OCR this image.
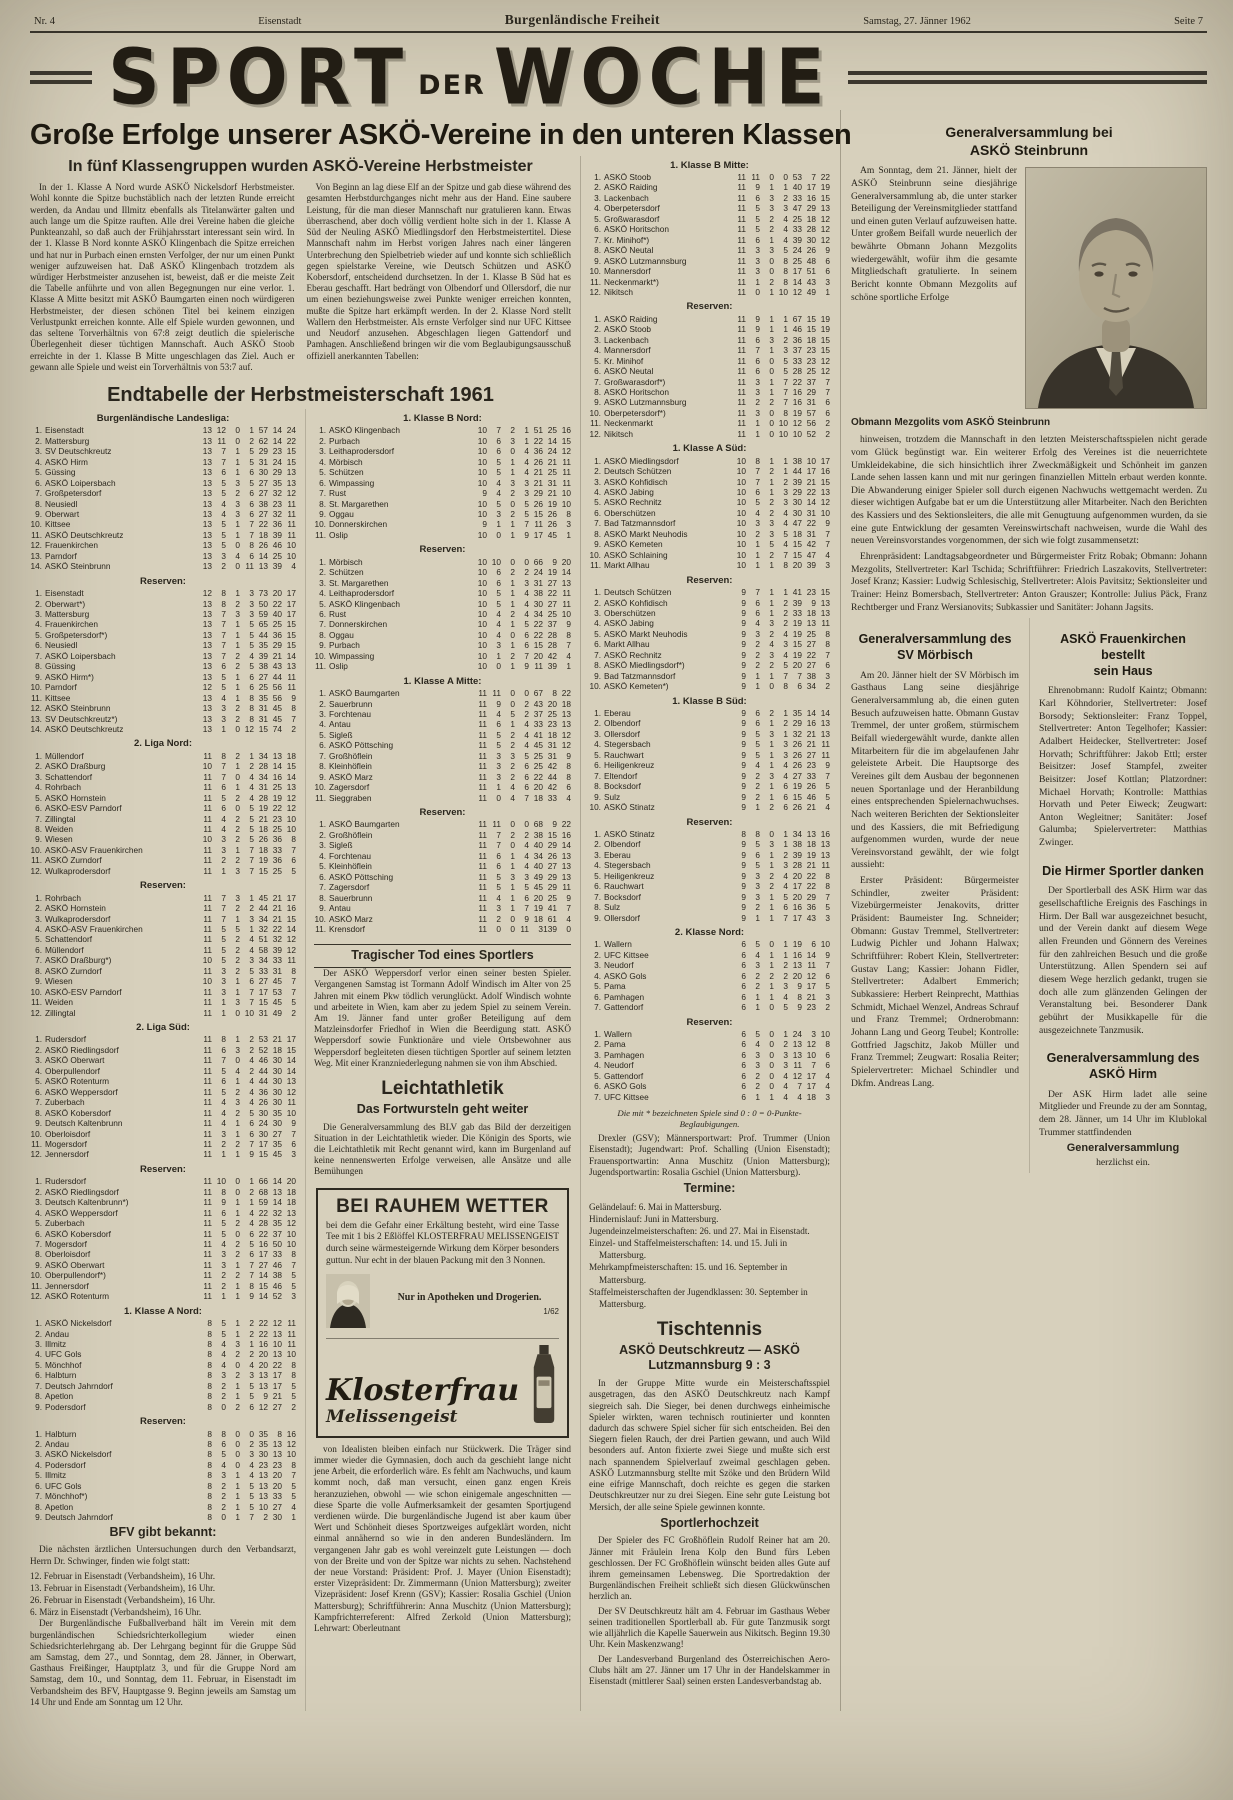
Nr. 4	Eisenstadt	Burgenländische Freiheit	Samstag, 27. Jänner 1962	Seite 7
SPORT DER WOCHE
Große Erfolge unserer ASKÖ-Vereine in den unteren Klassen
In fünf Klassengruppen wurden ASKÖ-Vereine Herbstmeister

In der 1. Klasse A Nord wurde ASKÖ Nickelsdorf Herbstmeister. Wohl konnte die Spitze buchstäblich nach der letzten Runde erreicht werden, da Andau und Illmitz ebenfalls als Titelanwärter galten und auch lange um die Spitze rauften. Alle drei Vereine haben die gleiche Punkteanzahl, so daß auch der Frühjahrsstart interessant sein wird. In der 1. Klasse B Nord konnte ASKÖ Klingenbach die Spitze erreichen und hat nur in Purbach einen ernsten Verfolger, der nur um einen Punkt weniger aufzuweisen hat. Daß ASKÖ Klingenbach trotzdem als würdiger Herbstmeister anzusehen ist, beweist, daß er die meiste Zeit die Tabelle anführte und von allen Begegnungen nur eine verlor. 1. Klasse A Mitte besitzt mit ASKÖ Baumgarten einen noch würdigeren Herbstmeister, der diesen schönen Titel bei keinem einzigen Verlustpunkt erreichen konnte. Alle elf Spiele wurden gewonnen, und das seltene Torverhältnis von 67:8 zeigt deutlich die spielerische Überlegenheit dieser tüchtigen Mannschaft. Auch ASKÖ Stoob erreichte in der 1. Klasse B Mitte ungeschlagen das Ziel. Auch er gewann alle Spiele und weist ein Torverhältnis von 53:7 auf.

Von Beginn an lag diese Elf an der Spitze und gab diese während des gesamten Herbstdurchganges nicht mehr aus der Hand. Eine saubere Leistung, für die man dieser Mannschaft nur gratulieren kann. Etwas überraschend, aber doch völlig verdient holte sich in der 1. Klasse A Süd der Neuling ASKÖ Miedlingsdorf den Herbstmeistertitel. Diese Mannschaft nahm im Herbst vorigen Jahres nach einer längeren Unterbrechung den Spielbetrieb wieder auf und konnte sich schließlich gegen spielstarke Vereine, wie Deutsch Schützen und ASKÖ Kobersdorf, entscheidend durchsetzen. In der 1. Klasse B Süd hat es Eberau geschafft. Hart bedrängt von Olbendorf und Ollersdorf, die nur um einen beziehungsweise zwei Punkte weniger erreichen konnten, mußte die Spitze hart erkämpft werden. In der 2. Klasse Nord stellt Wallern den Herbstmeister. Als ernste Verfolger sind nur UFC Kittsee und Neudorf anzusehen. Abgeschlagen liegen Gattendorf und Pamhagen. Anschließend bringen wir die vom Beglaubigungsausschuß offiziell anerkannten Tabellen:

Endtabelle der Herbstmeisterschaft 1961
Burgenländische Landesliga:
1.	Eisenstadt	13	12	0	1	57	14	24
2.	Mattersburg	13	11	0	2	62	14	22
3.	SV Deutschkreutz	13	7	1	5	29	23	15
4.	ASKÖ Hirm	13	7	1	5	31	24	15
5.	Güssing	13	6	1	6	30	29	13
6.	ASKÖ Loipersbach	13	5	3	5	27	35	13
7.	Großpetersdorf	13	5	2	6	27	32	12
8.	Neusiedl	13	4	3	6	38	23	11
9.	Oberwart	13	4	3	6	27	32	11
10.	Kittsee	13	5	1	7	22	36	11
11.	ASKÖ Deutschkreutz	13	5	1	7	18	39	11
12.	Frauenkirchen	13	5	0	8	26	46	10
13.	Parndorf	13	3	4	6	14	25	10
14.	ASKÖ Steinbrunn	13	2	0	11	13	39	4
Reserven:
1.	Eisenstadt	12	8	1	3	73	20	17
2.	Oberwart*)	13	8	2	3	50	22	17
3.	Mattersburg	13	7	3	3	59	40	17
4.	Frauenkirchen	13	7	1	5	65	25	15
5.	Großpetersdorf*)	13	7	1	5	44	36	15
6.	Neusiedl	13	7	1	5	35	29	15
7.	ASKÖ Loipersbach	13	7	2	4	39	21	14
8.	Güssing	13	6	2	5	38	43	13
9.	ASKÖ Hirm*)	13	5	1	6	27	44	11
10.	Parndorf	12	5	1	6	25	56	11
11.	Kittsee	13	4	1	8	35	56	9
12.	ASKÖ Steinbrunn	13	3	2	8	31	45	8
13.	SV Deutschkreutz*)	13	3	2	8	31	45	7
14.	ASKÖ Deutschkreutz	13	1	0	12	15	74	2
2. Liga Nord:
1.	Müllendorf	11	8	2	1	34	13	18
2.	ASKÖ Draßburg	10	7	1	2	28	14	15
3.	Schattendorf	11	7	0	4	34	16	14
4.	Rohrbach	11	6	1	4	31	25	13
5.	ASKÖ Hornstein	11	5	2	4	28	19	12
6.	ASKÖ-ESV Parndorf	11	6	0	5	19	22	12
7.	Zillingtal	11	4	2	5	21	23	10
8.	Weiden	11	4	2	5	18	25	10
9.	Wiesen	10	3	2	5	26	36	8
10.	ASKÖ-ASV Frauenkirchen	11	3	1	7	18	33	7
11.	ASKÖ Zurndorf	11	2	2	7	19	36	6
12.	Wulkaprodersdorf	11	1	3	7	15	25	5
Reserven:
1.	Rohrbach	11	7	3	1	45	21	17
2.	ASKÖ Hornstein	11	7	2	2	44	21	16
3.	Wulkaprodersdorf	11	7	1	3	34	21	15
4.	ASKÖ-ASV Frauenkirchen	11	5	5	1	32	22	14
5.	Schattendorf	11	5	2	4	51	32	12
6.	Müllendorf	11	5	2	4	58	39	12
7.	ASKÖ Draßburg*)	10	5	2	3	34	33	11
8.	ASKÖ Zurndorf	11	3	2	5	33	31	8
9.	Wiesen	10	3	1	6	27	45	7
10.	ASKÖ-ESV Parndorf	11	3	1	7	17	53	7
11.	Weiden	11	1	3	7	15	45	5
12.	Zillingtal	11	1	0	10	31	49	2
2. Liga Süd:
1.	Rudersdorf	11	8	1	2	53	21	17
2.	ASKÖ Riedlingsdorf	11	6	3	2	52	18	15
3.	ASKÖ Oberwart	11	7	0	4	46	30	14
4.	Oberpullendorf	11	5	4	2	44	30	14
5.	ASKÖ Rotenturm	11	6	1	4	44	30	13
6.	ASKÖ Weppersdorf	11	5	2	4	36	30	12
7.	Zuberbach	11	4	3	4	26	30	11
8.	ASKÖ Kobersdorf	11	4	2	5	30	35	10
9.	Deutsch Kaltenbrunn	11	4	1	6	24	30	9
10.	Oberloisdorf	11	3	1	6	30	27	7
11.	Mogersdorf	11	2	2	7	17	35	6
12.	Jennersdorf	11	1	1	9	15	45	3
Reserven:
1.	Rudersdorf	11	10	0	1	66	14	20
2.	ASKÖ Riedlingsdorf	11	8	0	2	68	13	18
3.	Deutsch Kaltenbrunn*)	11	9	1	1	59	14	18
4.	ASKÖ Weppersdorf	11	6	1	4	22	32	13
5.	Zuberbach	11	5	2	4	28	35	12
6.	ASKÖ Kobersdorf	11	5	0	6	22	37	10
7.	Mogersdorf	11	4	2	5	16	50	10
8.	Oberloisdorf	11	3	2	6	17	33	8
9.	ASKÖ Oberwart	11	3	1	7	27	46	7
10.	Oberpullendorf*)	11	2	2	7	14	38	5
11.	Jennersdorf	11	2	1	8	15	46	5
12.	ASKÖ Rotenturm	11	1	1	9	14	52	3
1. Klasse A Nord:
1.	ASKÖ Nickelsdorf	8	5	1	2	22	12	11
2.	Andau	8	5	1	2	22	13	11
3.	Illmitz	8	4	3	1	16	10	11
4.	UFC Gols	8	4	2	2	20	13	10
5.	Mönchhof	8	4	0	4	20	22	8
6.	Halbturn	8	3	2	3	13	17	8
7.	Deutsch Jahrndorf	8	2	1	5	13	17	5
8.	Apetlon	8	2	1	5	9	21	5
9.	Podersdorf	8	0	2	6	12	27	2
Reserven:
1.	Halbturn	8	8	0	0	35	8	16
2.	Andau	8	6	0	2	35	13	12
3.	ASKÖ Nickelsdorf	8	5	0	3	30	13	10
4.	Podersdorf	8	4	0	4	23	23	8
5.	Illmitz	8	3	1	4	13	20	7
6.	UFC Gols	8	2	1	5	13	20	5
7.	Mönchhof*)	8	2	1	5	13	33	5
8.	Apetlon	8	2	1	5	10	27	4
9.	Deutsch Jahrndorf	8	0	1	7	2	30	1
BFV gibt bekannt:

Die nächsten ärztlichen Untersuchungen durch den Verbandsarzt, Herrn Dr. Schwinger, finden wie folgt statt:

12. Februar in Eisenstadt (Verbandsheim), 16 Uhr.
13. Februar in Eisenstadt (Verbandsheim), 16 Uhr.
26. Februar in Eisenstadt (Verbandsheim), 16 Uhr.
6. März in Eisenstadt (Verbandsheim), 16 Uhr.

Der Burgenländische Fußballverband hält im Verein mit dem burgenländischen Schiedsrichterkollegium wieder einen Schiedsrichterlehrgang ab. Der Lehrgang beginnt für die Gruppe Süd am Samstag, dem 27., und Sonntag, dem 28. Jänner, in Oberwart, Gasthaus Freißinger, Hauptplatz 3, und für die Gruppe Nord am Samstag, dem 10., und Sonntag, dem 11. Februar, in Eisenstadt im Verbandsheim des BFV, Hauptgasse 9. Beginn jeweils am Samstag um 14 Uhr und Ende am Sonntag um 12 Uhr.

1. Klasse B Nord:
1.	ASKÖ Klingenbach	10	7	2	1	51	25	16
2.	Purbach	10	6	3	1	22	14	15
3.	Leithaprodersdorf	10	6	0	4	36	24	12
4.	Mörbisch	10	5	1	4	26	21	11
5.	Schützen	10	5	1	4	21	25	11
6.	Wimpassing	10	4	3	3	21	31	11
7.	Rust	9	4	2	3	29	21	10
8.	St. Margarethen	10	5	0	5	26	19	10
9.	Oggau	10	3	2	5	15	26	8
10.	Donnerskirchen	9	1	1	7	11	26	3
11.	Oslip	10	0	1	9	17	45	1
Reserven:
1.	Mörbisch	10	10	0	0	66	9	20
2.	Schützen	10	6	2	2	24	19	14
3.	St. Margarethen	10	6	1	3	31	27	13
4.	Leithaprodersdorf	10	5	1	4	38	22	11
5.	ASKÖ Klingenbach	10	5	1	4	30	27	11
6.	Rust	10	4	2	4	34	25	10
7.	Donnerskirchen	10	4	1	5	22	37	9
8.	Oggau	10	4	0	6	22	28	8
9.	Purbach	10	3	1	6	15	28	7
10.	Wimpassing	10	1	2	7	20	42	4
11.	Oslip	10	0	1	9	11	39	1
1. Klasse A Mitte:
1.	ASKÖ Baumgarten	11	11	0	0	67	8	22
2.	Sauerbrunn	11	9	0	2	43	20	18
3.	Forchtenau	11	4	5	2	37	25	13
4.	Antau	11	6	1	4	33	23	13
5.	Sigleß	11	5	2	4	41	18	12
6.	ASKÖ Pöttsching	11	5	2	4	45	31	12
7.	Großhöflein	11	3	3	5	25	31	9
8.	Kleinhöflein	11	3	2	6	25	42	8
9.	ASKÖ Marz	11	3	2	6	22	44	8
10.	Zagersdorf	11	1	4	6	20	42	6
11.	Sieggraben	11	0	4	7	18	33	4
Reserven:
1.	ASKÖ Baumgarten	11	11	0	0	68	9	22
2.	Großhöflein	11	7	2	2	38	15	16
3.	Sigleß	11	7	0	4	40	29	14
4.	Forchtenau	11	6	1	4	34	26	13
5.	Kleinhöflein	11	6	1	4	40	27	13
6.	ASKÖ Pöttsching	11	5	3	3	49	29	13
7.	Zagersdorf	11	5	1	5	45	29	11
8.	Sauerbrunn	11	4	1	6	20	25	9
9.	Antau	11	3	1	7	19	41	7
10.	ASKÖ Marz	11	2	0	9	18	61	4
11.	Krensdorf	11	0	0	11	3	139	0
Tragischer Tod eines Sportlers

Der ASKÖ Weppersdorf verlor einen seiner besten Spieler. Vergangenen Samstag ist Tormann Adolf Windisch im Alter von 25 Jahren mit einem Pkw tödlich verunglückt. Adolf Windisch wohnte und arbeitete in Wien, kam aber zu jedem Spiel zu seinem Verein. Am 19. Jänner fand unter großer Beteiligung auf dem Matzleinsdorfer Friedhof in Wien die Beerdigung statt. ASKÖ Weppersdorf sowie Funktionäre und viele Ortsbewohner aus Weppersdorf begleiteten diesen tüchtigen Sportler auf seinem letzten Weg. Mit einer Kranzniederlegung nahmen sie von ihm Abschied.

Leichtathletik
Das Fortwursteln geht weiter

Die Generalversammlung des BLV gab das Bild der derzeitigen Situation in der Leichtathletik wieder. Die Königin des Sports, wie die Leichtathletik mit Recht genannt wird, kann im Burgenland auf keine nennenswerten Erfolge verweisen, alle Ansätze und alle Bemühungen

BEI RAUHEM WETTER
bei dem die Gefahr einer Erkältung besteht, wird eine Tasse Tee mit 1 bis 2 Eßlöffel KLOSTERFRAU MELISSENGEIST durch seine wärmesteigernde Wirkung dem Körper besonders guttun. Nur echt in der blauen Packung mit den 3 Nonnen.
Nur in Apotheken und Drogerien.
1/62
Klosterfrau
Melissengeist

von Idealisten bleiben einfach nur Stückwerk. Die Träger sind immer wieder die Gymnasien, doch auch da geschieht lange nicht jene Arbeit, die erforderlich wäre. Es fehlt am Nachwuchs, und kaum kommt noch, daß man versucht, einen ganz engen Kreis heranzuziehen, obwohl — wie schon einigemale angeschnitten — diese Sparte die volle Aufmerksamkeit der gesamten Sportjugend verdienen würde. Die burgenländische Jugend ist aber kaum über Wert und Schönheit dieses Sportzweiges aufgeklärt worden, nicht einmal annähernd so wie in den anderen Bundesländern. Im vergangenen Jahr gab es wohl vereinzelt gute Leistungen — doch von der Breite und von der Spitze war nichts zu sehen. Nachstehend der neue Vorstand: Präsident: Prof. J. Mayer (Union Eisenstadt); erster Vizepräsident: Dr. Zimmermann (Union Mattersburg); zweiter Vizepräsident: Josef Krenn (GSV); Kassier: Rosalia Gschiel (Union Mattersburg); Schriftführerin: Anna Muschitz (Union Mattersburg); Kampfrichterreferent: Alfred Zerkold (Union Mattersburg); Lehrwart: Oberleutnant

1. Klasse B Mitte:
1.	ASKÖ Stoob	11	11	0	0	53	7	22
2.	ASKÖ Raiding	11	9	1	1	40	17	19
3.	Lackenbach	11	6	3	2	33	16	15
4.	Oberpetersdorf	11	5	3	3	47	29	13
5.	Großwarasdorf	11	5	2	4	25	18	12
6.	ASKÖ Horitschon	11	5	2	4	33	28	12
7.	Kr. Minihof*)	11	6	1	4	39	30	12
8.	ASKÖ Neutal	11	3	3	5	24	26	9
9.	ASKÖ Lutzmannsburg	11	3	0	8	25	48	6
10.	Mannersdorf	11	3	0	8	17	51	6
11.	Neckenmarkt*)	11	1	2	8	14	43	3
12.	Nikitsch	11	0	1	10	12	49	1
Reserven:
1.	ASKÖ Raiding	11	9	1	1	67	15	19
2.	ASKÖ Stoob	11	9	1	1	46	15	19
3.	Lackenbach	11	6	3	2	36	18	15
4.	Mannersdorf	11	7	1	3	37	23	15
5.	Kr. Minihof	11	6	0	5	33	23	12
6.	ASKÖ Neutal	11	6	0	5	28	25	12
7.	Großwarasdorf*)	11	3	1	7	22	37	7
8.	ASKÖ Horitschon	11	3	1	7	16	29	7
9.	ASKÖ Lutzmannsburg	11	2	2	7	16	31	6
10.	Oberpetersdorf*)	11	3	0	8	19	57	6
11.	Neckenmarkt	11	1	0	10	12	56	2
12.	Nikitsch	11	1	0	10	10	52	2
1. Klasse A Süd:
1.	ASKÖ Miedlingsdorf	10	8	1	1	38	10	17
2.	Deutsch Schützen	10	7	2	1	44	17	16
3.	ASKÖ Kohfidisch	10	7	1	2	39	21	15
4.	ASKÖ Jabing	10	6	1	3	29	22	13
5.	ASKÖ Rechnitz	10	5	2	3	30	14	12
6.	Oberschützen	10	4	2	4	30	31	10
7.	Bad Tatzmannsdorf	10	3	3	4	47	22	9
8.	ASKÖ Markt Neuhodis	10	2	3	5	18	31	7
9.	ASKÖ Kemeten	10	1	5	4	15	42	7
10.	ASKÖ Schlaining	10	1	2	7	15	47	4
11.	Markt Allhau	10	1	1	8	20	39	3
Reserven:
1.	Deutsch Schützen	9	7	1	1	41	23	15
2.	ASKÖ Kohfidisch	9	6	1	2	39	9	13
3.	Oberschützen	9	6	1	2	33	18	13
4.	ASKÖ Jabing	9	4	3	2	19	13	11
5.	ASKÖ Markt Neuhodis	9	3	2	4	19	25	8
6.	Markt Allhau	9	2	4	3	15	27	8
7.	ASKÖ Rechnitz	9	2	3	4	19	22	7
8.	ASKÖ Miedlingsdorf*)	9	2	2	5	20	27	6
9.	Bad Tatzmannsdorf	9	1	1	7	7	38	3
10.	ASKÖ Kemeten*)	9	1	0	8	6	34	2
1. Klasse B Süd:
1.	Eberau	9	6	2	1	35	14	14
2.	Olbendorf	9	6	1	2	29	16	13
3.	Ollersdorf	9	5	3	1	32	21	13
4.	Stegersbach	9	5	1	3	26	21	11
5.	Rauchwart	9	5	1	3	26	27	11
6.	Heiligenkreuz	9	4	1	4	26	23	9
7.	Eltendorf	9	2	3	4	27	33	7
8.	Bocksdorf	9	2	1	6	19	26	5
9.	Sulz	9	2	1	6	15	46	5
10.	ASKÖ Stinatz	9	1	2	6	26	21	4
Reserven:
1.	ASKÖ Stinatz	8	8	0	1	34	13	16
2.	Olbendorf	9	5	3	1	38	18	13
3.	Eberau	9	6	1	2	39	19	13
4.	Stegersbach	9	5	1	3	28	21	11
5.	Heiligenkreuz	9	3	2	4	20	22	8
6.	Rauchwart	9	3	2	4	17	22	8
7.	Bocksdorf	9	3	1	5	20	29	7
8.	Sulz	9	2	1	6	16	36	5
9.	Ollersdorf	9	1	1	7	17	43	3
2. Klasse Nord:
1.	Wallern	6	5	0	1	19	6	10
2.	UFC Kittsee	6	4	1	1	16	14	9
3.	Neudorf	6	3	1	2	13	11	7
4.	ASKÖ Gols	6	2	2	2	20	12	6
5.	Pama	6	2	1	3	9	17	5
6.	Pamhagen	6	1	1	4	8	21	3
7.	Gattendorf	6	1	0	5	9	23	2
Reserven:
1.	Wallern	6	5	0	1	24	3	10
2.	Pama	6	4	0	2	13	12	8
3.	Pamhagen	6	3	0	3	13	10	6
4.	Neudorf	6	3	0	3	11	7	6
5.	Gattendorf	6	2	0	4	12	17	4
6.	ASKÖ Gols	6	2	0	4	7	17	4
7.	UFC Kittsee	6	1	1	4	4	18	3

Die mit * bezeichneten Spiele sind 0 : 0 = 0-Punkte-Beglaubigungen.

Drexler (GSV); Männersportwart: Prof. Trummer (Union Eisenstadt); Jugendwart: Prof. Schalling (Union Eisenstadt); Frauensportwartin: Anna Muschitz (Union Mattersburg); Jugendsportwartin: Rosalia Gschiel (Union Mattersburg).

Termine:
Geländelauf: 6. Mai in Mattersburg.
Hindernislauf: Juni in Mattersburg.
Jugendeinzelmeisterschaften: 26. und 27. Mai in Eisenstadt.
Einzel- und Staffelmeisterschaften: 14. und 15. Juli in Mattersburg.
Mehrkampfmeisterschaften: 15. und 16. September in Mattersburg.
Staffelmeisterschaften der Jugendklassen: 30. September in Mattersburg.
Tischtennis
ASKÖ Deutschkreutz — ASKÖ Lutzmannsburg 9 : 3

In der Gruppe Mitte wurde ein Meisterschaftsspiel ausgetragen, das den ASKÖ Deutschkreutz nach Kampf siegreich sah. Die Sieger, bei denen durchwegs einheimische Spieler wirkten, waren technisch routinierter und konnten dadurch das schwere Spiel sicher für sich entscheiden. Bei den Siegern fielen Rauch, der drei Partien gewann, und auch Wild besonders auf. Anton fixierte zwei Siege und mußte sich erst nach spannendem Spielverlauf zweimal geschlagen geben. ASKÖ Lutzmannsburg stellte mit Szöke und den Brüdern Wild eine eifrige Mannschaft, doch reichte es gegen die starken Deutschkreutzer nur zu drei Siegen. Eine sehr gute Leistung bot Mersich, der alle seine Spiele gewinnen konnte.

Sportlerhochzeit

Der Spieler des FC Großhöflein Rudolf Reiner hat am 20. Jänner mit Fräulein Irena Kolp den Bund fürs Leben geschlossen. Der FC Großhöflein wünscht beiden alles Gute auf ihrem gemeinsamen Lebensweg. Die Sportredaktion der Burgenländischen Freiheit schließt sich diesen Glückwünschen herzlich an.

Der SV Deutschkreutz hält am 4. Februar im Gasthaus Weber seinen traditionellen Sportlerball ab. Für gute Tanzmusik sorgt wie alljährlich die Kapelle Sauerwein aus Nikitsch. Beginn 19.30 Uhr. Kein Maskenzwang!

Der Landesverband Burgenland des Österreichischen Aero-Clubs hält am 27. Jänner um 17 Uhr in der Handelskammer in Eisenstadt (mittlerer Saal) seinen ersten Landesverbandstag ab.

Generalversammlung bei
ASKÖ Steinbrunn

Am Sonntag, dem 21. Jänner, hielt der ASKÖ Steinbrunn seine diesjährige Generalversammlung ab, die unter starker Beteiligung der Vereinsmitglieder stattfand und einen guten Verlauf aufzuweisen hatte. Unter großem Beifall wurde neuerlich der bewährte Obmann Johann Mezgolits wiedergewählt, wofür ihm die gesamte Mitgliedschaft gratulierte. In seinem Bericht konnte Obmann Mezgolits auf schöne sportliche Erfolge

Obmann Mezgolits vom ASKÖ Steinbrunn

hinweisen, trotzdem die Mannschaft in den letzten Meisterschaftsspielen nicht gerade vom Glück begünstigt war. Ein weiterer Erfolg des Vereines ist die neuerrichtete Umkleidekabine, die sich hinsichtlich ihrer Zweckmäßigkeit und Schönheit im ganzen Lande sehen lassen kann und mit nur geringen finanziellen Mitteln erbaut werden konnte. Die Abwanderung einiger Spieler soll durch eigenen Nachwuchs wettgemacht werden. Zu dieser wichtigen Aufgabe bat er um die Unterstützung aller Mitarbeiter. Nach den Berichten des Kassiers und des Sektionsleiters, die alle mit Genugtuung aufgenommen wurden, da sie eine gute Entwicklung der gesamten Vereinswirtschaft nachweisen, wurde die Wahl des neuen Vereinsvorstandes vorgenommen, der sich wie folgt zusammensetzt:

Ehrenpräsident: Landtagsabgeordneter und Bürgermeister Fritz Robak; Obmann: Johann Mezgolits, Stellvertreter: Karl Tschida; Schriftführer: Friedrich Laszakovits, Stellvertreter: Josef Kranz; Kassier: Ludwig Schlesischig, Stellvertreter: Alois Pavitsitz; Sektionsleiter und Trainer: Heinz Bomersbach, Stellvertreter: Anton Grauszer; Kontrolle: Julius Päck, Franz Rechtberger und Franz Wersianovits; Subkassier und Sanitäter: Johann Jagsits.

Generalversammlung des
SV Mörbisch

Am 20. Jänner hielt der SV Mörbisch im Gasthaus Lang seine diesjährige Generalversammlung ab, die einen guten Besuch aufzuweisen hatte. Obmann Gustav Tremmel, der unter großem, stürmischem Beifall wiedergewählt wurde, dankte allen Mitarbeitern für die im abgelaufenen Jahr geleistete Arbeit. Die Hauptsorge des Vereines gilt dem Ausbau der begonnenen neuen Sportanlage und der Heranbildung eines entsprechenden Spielernachwuchses. Nach weiteren Berichten der Sektionsleiter und des Kassiers, die mit Befriedigung aufgenommen wurden, wurde der neue Vereinsvorstand gewählt, der wie folgt aussieht:

Erster Präsident: Bürgermeister Schindler, zweiter Präsident: Vizebürgermeister Jenakovits, dritter Präsident: Baumeister Ing. Schneider; Obmann: Gustav Tremmel, Stellvertreter: Ludwig Pichler und Johann Halwax; Schriftführer: Robert Klein, Stellvertreter: Gustav Lang; Kassier: Johann Fidler, Stellvertreter: Adalbert Emmerich; Subkassiere: Herbert Reinprecht, Matthias Schmidt, Michael Wenzel, Andreas Schrauf und Franz Tremmel; Ordnerobmann: Johann Lang und Georg Teubel; Kontrolle: Gottfried Jagschitz, Jakob Müller und Franz Tremmel; Zeugwart: Rosalia Reiter; Spielervertreter: Michael Schindler und Dkfm. Andreas Lang.

ASKÖ Frauenkirchen bestellt
sein Haus

Ehrenobmann: Rudolf Kaintz; Obmann: Karl Köhndorier, Stellvertreter: Josef Borsody; Sektionsleiter: Franz Toppel, Stellvertreter: Anton Tegelhofer; Kassier: Adalbert Heidecker, Stellvertreter: Josef Horvath; Schriftführer: Jakob Ettl; erster Beisitzer: Josef Stampfel, zweiter Beisitzer: Josef Kottlan; Platzordner: Michael Horvath; Kontrolle: Matthias Horvath und Peter Eiweck; Zeugwart: Anton Wegleitner; Sanitäter: Josef Galumba; Spielervertreter: Matthias Zwinger.

Die Hirmer Sportler danken

Der Sportlerball des ASK Hirm war das gesellschaftliche Ereignis des Faschings in Hirm. Der Ball war ausgezeichnet besucht, und der Verein dankt auf diesem Wege allen Freunden und Gönnern des Vereines für den zahlreichen Besuch und die große Unterstützung. Allen Spendern sei auf diesem Wege herzlich gedankt, trugen sie doch alle zum glänzenden Gelingen der Veranstaltung bei. Besonderer Dank gebührt der Musikkapelle für die ausgezeichnete Tanzmusik.

Generalversammlung des ASKÖ Hirm

Der ASK Hirm ladet alle seine Mitglieder und Freunde zu der am Sonntag, dem 28. Jänner, um 14 Uhr im Klublokal Trummer stattfindenden

Generalversammlung

herzlichst ein.
